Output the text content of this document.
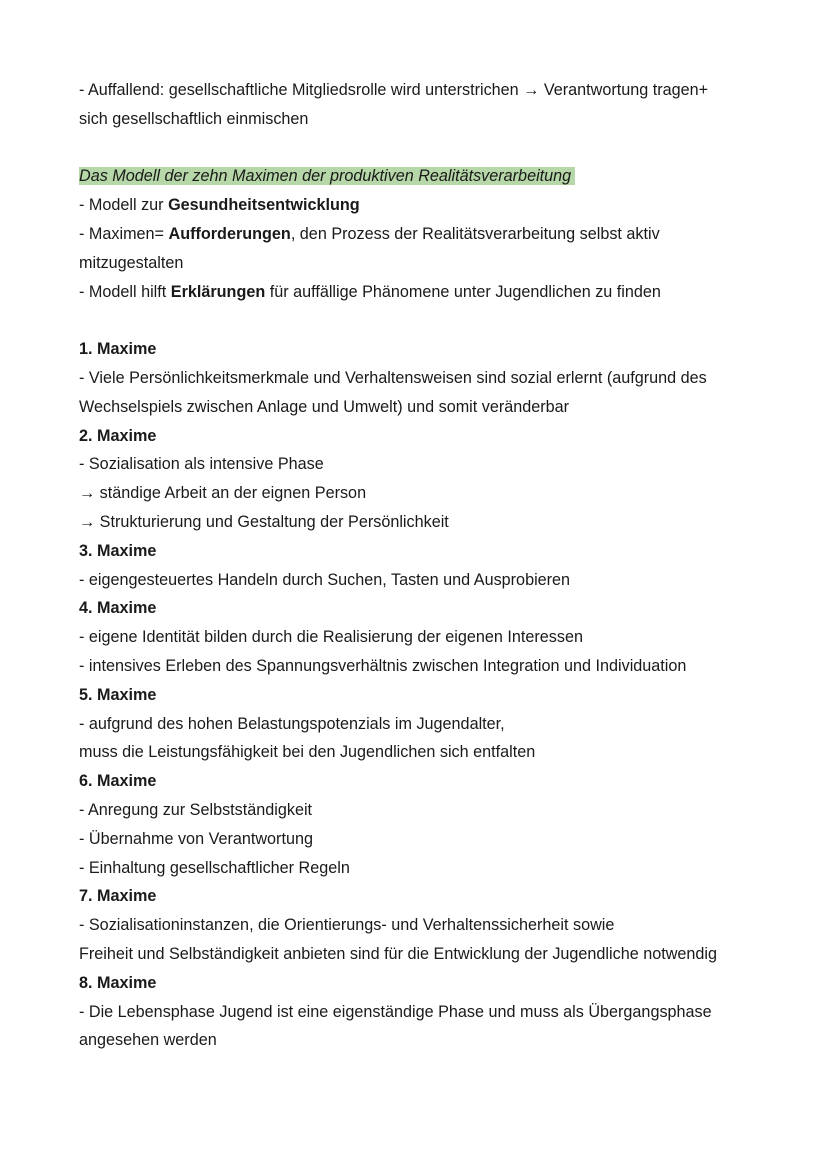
- Auffallend: gesellschaftliche Mitgliedsrolle wird unterstrichen → Verantwortung tragen+
sich gesellschaftlich einmischen
Das Modell der zehn Maximen der produktiven Realitätsverarbeitung
- Modell zur Gesundheitsentwicklung
- Maximen= Aufforderungen, den Prozess der Realitätsverarbeitung selbst aktiv
mitzugestalten
- Modell hilft Erklärungen für auffällige Phänomene unter Jugendlichen zu finden
1. Maxime
- Viele Persönlichkeitsmerkmale und Verhaltensweisen sind sozial erlernt (aufgrund des
Wechselspiels zwischen Anlage und Umwelt) und somit veränderbar
2. Maxime
- Sozialisation als intensive Phase
→ ständige Arbeit an der eignen Person
→ Strukturierung und Gestaltung der Persönlichkeit
3. Maxime
- eigengesteuertes Handeln durch Suchen, Tasten und Ausprobieren
4. Maxime
- eigene Identität bilden durch die Realisierung der eigenen Interessen
- intensives Erleben des Spannungsverhältnis zwischen Integration und Individuation
5. Maxime
- aufgrund des hohen Belastungspotenzials im Jugendalter,
muss die Leistungsfähigkeit bei den Jugendlichen sich entfalten
6. Maxime
- Anregung zur Selbstständigkeit
- Übernahme von Verantwortung
- Einhaltung gesellschaftlicher Regeln
7. Maxime
- Sozialisationinstanzen, die Orientierungs- und Verhaltenssicherheit sowie
Freiheit und Selbständigkeit anbieten sind für die Entwicklung der Jugendliche notwendig
8. Maxime
- Die Lebensphase Jugend ist eine eigenständige Phase und muss als Übergangsphase
angesehen werden
